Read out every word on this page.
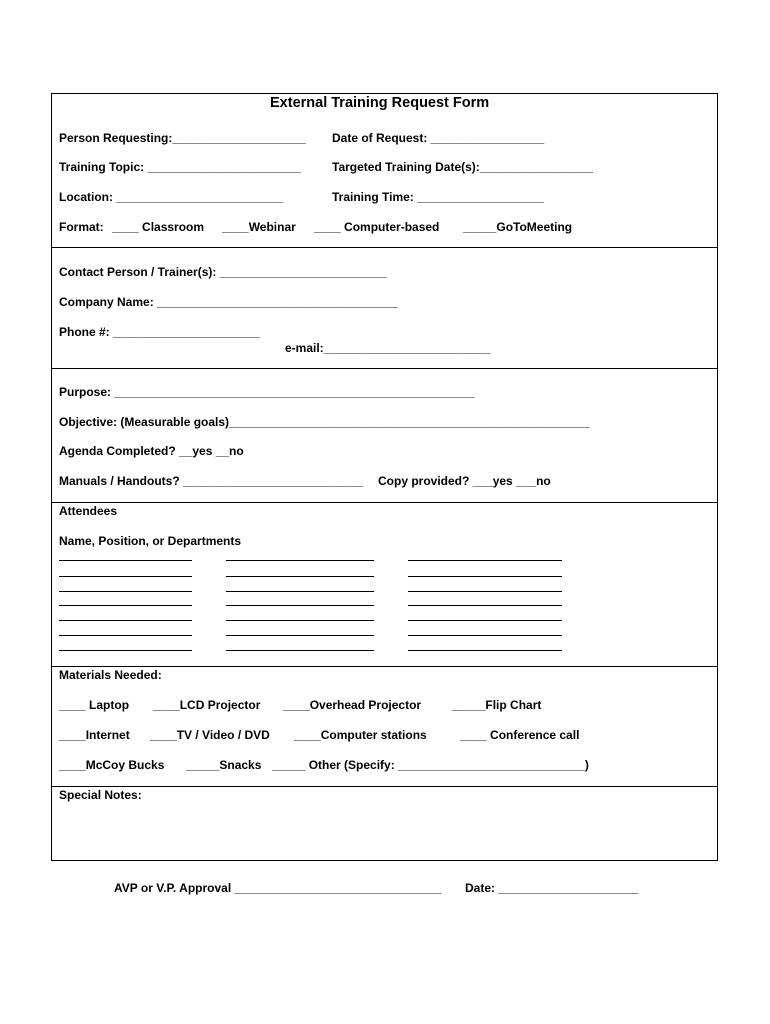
External Training Request Form
Person Requesting:____________________ Date of Request: _________________
Training Topic: _______________________	Targeted Training Date(s):_________________
Location: _________________________	Training Time: ___________________
Format: ____ Classroom ____Webinar ____ Computer-based _____GoToMeeting
Contact Person / Trainer(s): _________________________
Company Name: ____________________________________
Phone #: ______________________
e-mail:_________________________
Purpose: ______________________________________________________
Objective: (Measurable goals)______________________________________________________
Agenda Completed? __yes __no
Manuals / Handouts? ___________________________ Copy provided? ___yes ___no
Attendees
Name, Position, or Departments
Materials Needed:
____ Laptop ____LCD Projector ____Overhead Projector	_____Flip Chart
____Internet ____TV / Video / DVD ____Computer stations	____ Conference call
____McCoy Bucks _____Snacks _____ Other (Specify: ____________________________)
Special Notes:
AVP or V.P. Approval _______________________________ Date: _____________________
